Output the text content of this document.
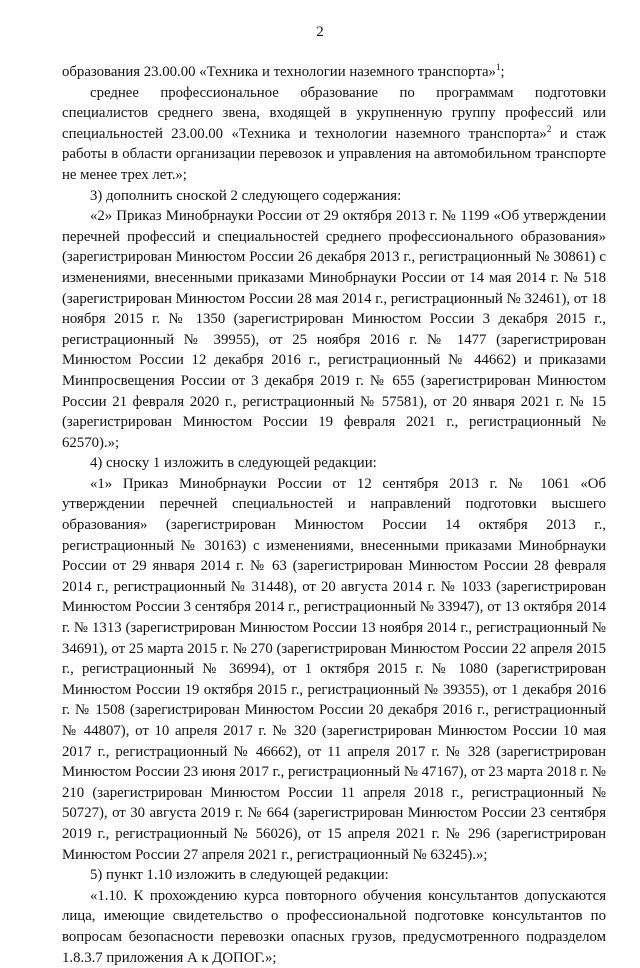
2

образования 23.00.00 «Техника и технологии наземного транспорта»$^1$;

среднее профессиональное образование по программам подготовки специалистов среднего звена, входящей в укрупненную группу профессий или специальностей 23.00.00 «Техника и технологии наземного транспорта»$^2$ и стаж работы в области организации перевозок и управления на автомобильном транспорте не менее трех лет.»;

3) дополнить сноской 2 следующего содержания:

«2» Приказ Минобрнауки России от 29 октября 2013 г. № 1199 «Об утверждении перечней профессий и специальностей среднего профессионального образования» (зарегистрирован Минюстом России 26 декабря 2013 г., регистрационный № 30861) с изменениями, внесенными приказами Минобрнауки России от 14 мая 2014 г. № 518 (зарегистрирован Минюстом России 28 мая 2014 г., регистрационный № 32461), от 18 ноября 2015 г. № 1350 (зарегистрирован Минюстом России 3 декабря 2015 г., регистрационный № 39955), от 25 ноября 2016 г. № 1477 (зарегистрирован Минюстом России 12 декабря 2016 г., регистрационный № 44662) и приказами Минпросвещения России от 3 декабря 2019 г. № 655 (зарегистрирован Минюстом России 21 февраля 2020 г., регистрационный № 57581), от 20 января 2021 г. № 15 (зарегистрирован Минюстом России 19 февраля 2021 г., регистрационный № 62570).»;

4) сноску 1 изложить в следующей редакции:

«1» Приказ Минобрнауки России от 12 сентября 2013 г. № 1061 «Об утверждении перечней специальностей и направлений подготовки высшего образования» (зарегистрирован Минюстом России 14 октября 2013 г., регистрационный № 30163) с изменениями, внесенными приказами Минобрнауки России от 29 января 2014 г. № 63 (зарегистрирован Минюстом России 28 февраля 2014 г., регистрационный № 31448), от 20 августа 2014 г. № 1033 (зарегистрирован Минюстом России 3 сентября 2014 г., регистрационный № 33947), от 13 октября 2014 г. № 1313 (зарегистрирован Минюстом России 13 ноября 2014 г., регистрационный № 34691), от 25 марта 2015 г. № 270 (зарегистрирован Минюстом России 22 апреля 2015 г., регистрационный № 36994), от 1 октября 2015 г. № 1080 (зарегистрирован Минюстом России 19 октября 2015 г., регистрационный № 39355), от 1 декабря 2016 г. № 1508 (зарегистрирован Минюстом России 20 декабря 2016 г., регистрационный № 44807), от 10 апреля 2017 г. № 320 (зарегистрирован Минюстом России 10 мая 2017 г., регистрационный № 46662), от 11 апреля 2017 г. № 328 (зарегистрирован Минюстом России 23 июня 2017 г., регистрационный № 47167), от 23 марта 2018 г. № 210 (зарегистрирован Минюстом России 11 апреля 2018 г., регистрационный № 50727), от 30 августа 2019 г. № 664 (зарегистрирован Минюстом России 23 сентября 2019 г., регистрационный № 56026), от 15 апреля 2021 г. № 296 (зарегистрирован Минюстом России 27 апреля 2021 г., регистрационный № 63245).»;

5) пункт 1.10 изложить в следующей редакции:

«1.10. К прохождению курса повторного обучения консультантов допускаются лица, имеющие свидетельство о профессиональной подготовке консультантов по вопросам безопасности перевозки опасных грузов, предусмотренного подразделом 1.8.3.7 приложения А к ДОПОГ.»;
